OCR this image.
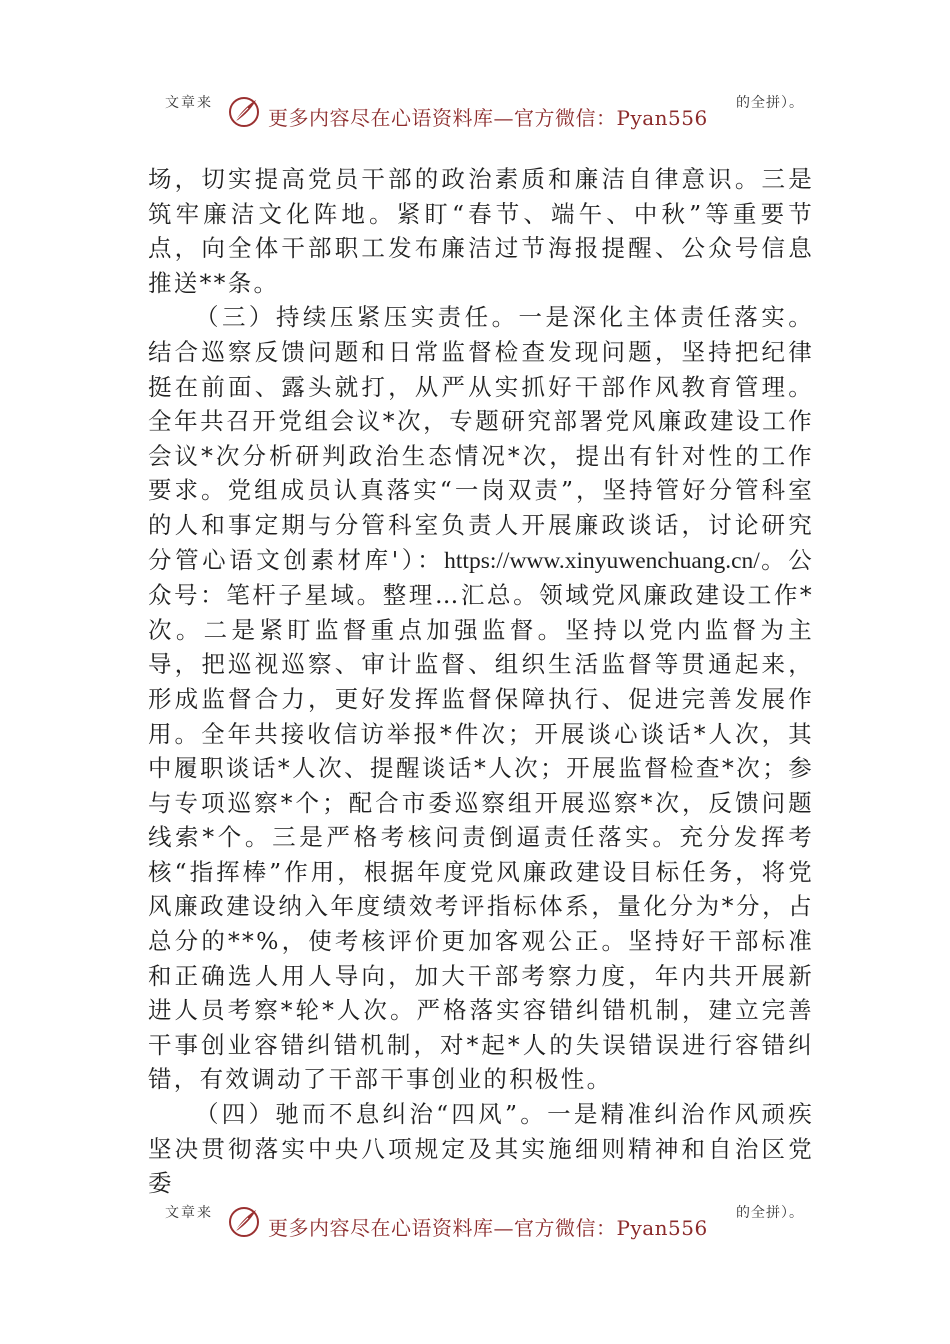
文章来
更多内容尽在心语资料库—官方微信：Pyan556
的全拼）。

场，切实提高党员干部的政治素质和廉洁自律意识。三是筑牢廉洁文化阵地。紧盯“春节、端午、中秋”等重要节点，向全体干部职工发布廉洁过节海报提醒、公众号信息推送**条。

（三）持续压紧压实责任。一是深化主体责任落实。结合巡察反馈问题和日常监督检查发现问题，坚持把纪律挺在前面、露头就打，从严从实抓好干部作风教育管理。全年共召开党组会议*次，专题研究部署党风廉政建设工作会议*次分析研判政治生态情况*次，提出有针对性的工作要求。党组成员认真落实“一岗双责”，坚持管好分管科室的人和事定期与分管科室负责人开展廉政谈话，讨论研究分管心语文创素材库'）：https://www.xinyuwenchuang.cn/。公众号：笔杆子星域。整理…汇总。领域党风廉政建设工作*次。二是紧盯监督重点加强监督。坚持以党内监督为主导，把巡视巡察、审计监督、组织生活监督等贯通起来，形成监督合力，更好发挥监督保障执行、促进完善发展作用。全年共接收信访举报*件次；开展谈心谈话*人次，其中履职谈话*人次、提醒谈话*人次；开展监督检查*次；参与专项巡察*个；配合市委巡察组开展巡察*次，反馈问题线索*个。三是严格考核问责倒逼责任落实。充分发挥考核“指挥棒”作用，根据年度党风廉政建设目标任务，将党风廉政建设纳入年度绩效考评指标体系，量化分为*分，占总分的**%，使考核评价更加客观公正。坚持好干部标准和正确选人用人导向，加大干部考察力度，年内共开展新进人员考察*轮*人次。严格落实容错纠错机制，建立完善干事创业容错纠错机制，对*起*人的失误错误进行容错纠错，有效调动了干部干事创业的积极性。

（四）驰而不息纠治“四风”。一是精准纠治作风顽疾坚决贯彻落实中央八项规定及其实施细则精神和自治区党委

文章来
更多内容尽在心语资料库—官方微信：Pyan556
的全拼）。
